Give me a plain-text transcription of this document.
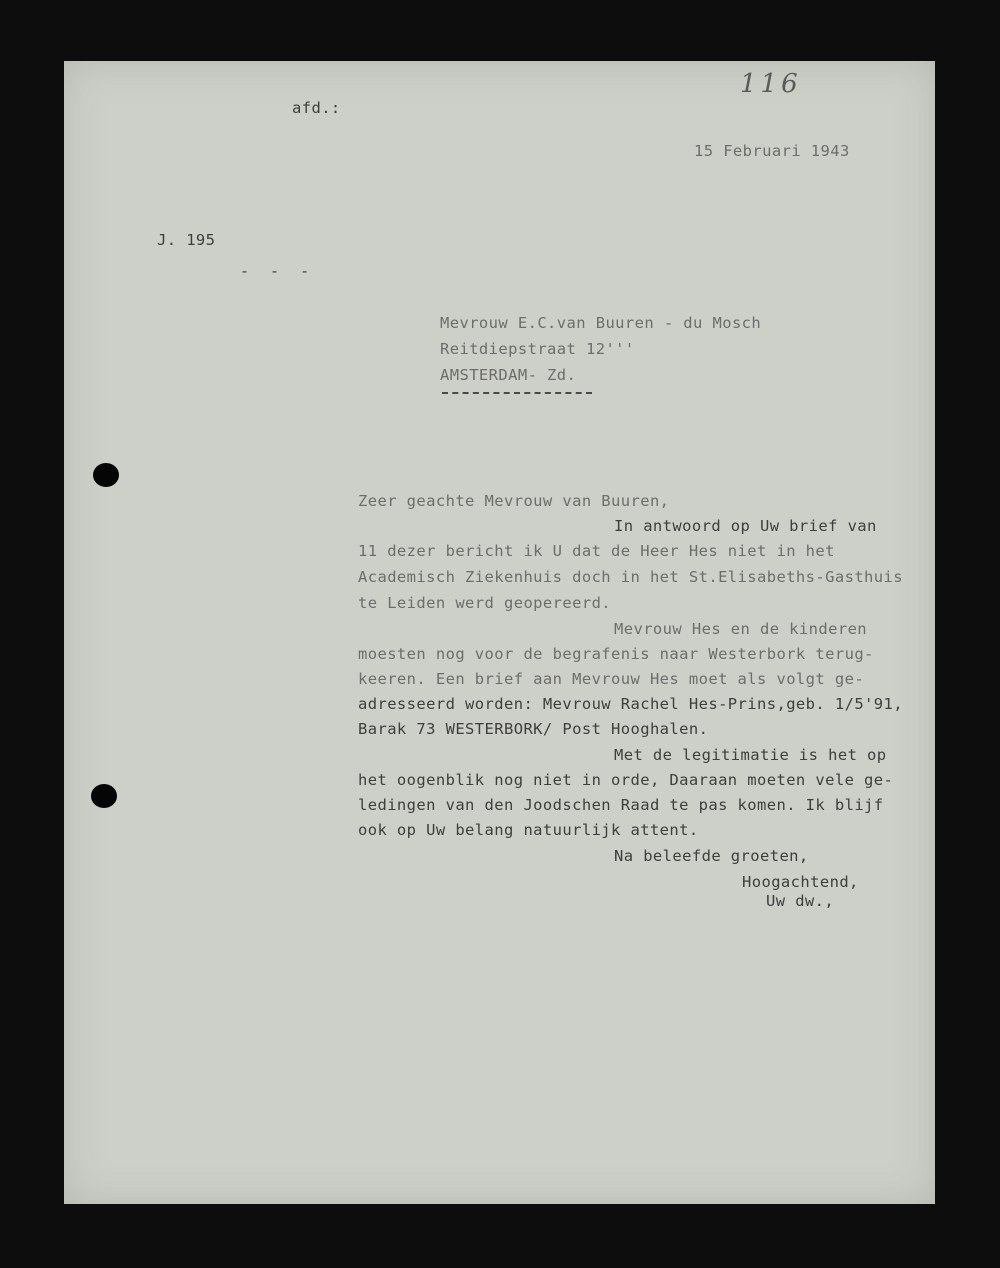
116
afd.:
15 Februari 1943
J. 195
- - -
Mevrouw E.C.van Buuren - du Mosch
Reitdiepstraat 12'''
AMSTERDAM- Zd.
Zeer geachte Mevrouw van Buuren,
In antwoord op Uw brief van
11 dezer bericht ik U dat de Heer Hes niet in het
Academisch Ziekenhuis doch in het St.Elisabeths-Gasthuis
te Leiden werd geopereerd.
Mevrouw Hes en de kinderen
moesten nog voor de begrafenis naar Westerbork terug-
keeren. Een brief aan Mevrouw Hes moet als volgt ge-
adresseerd worden: Mevrouw Rachel Hes-Prins,geb. 1/5'91,
Barak 73 WESTERBORK/ Post Hooghalen.
Met de legitimatie is het op
het oogenblik nog niet in orde, Daaraan moeten vele ge-
ledingen van den Joodschen Raad te pas komen. Ik blijf
ook op Uw belang natuurlijk attent.
Na beleefde groeten,
Hoogachtend,
Uw dw.,
